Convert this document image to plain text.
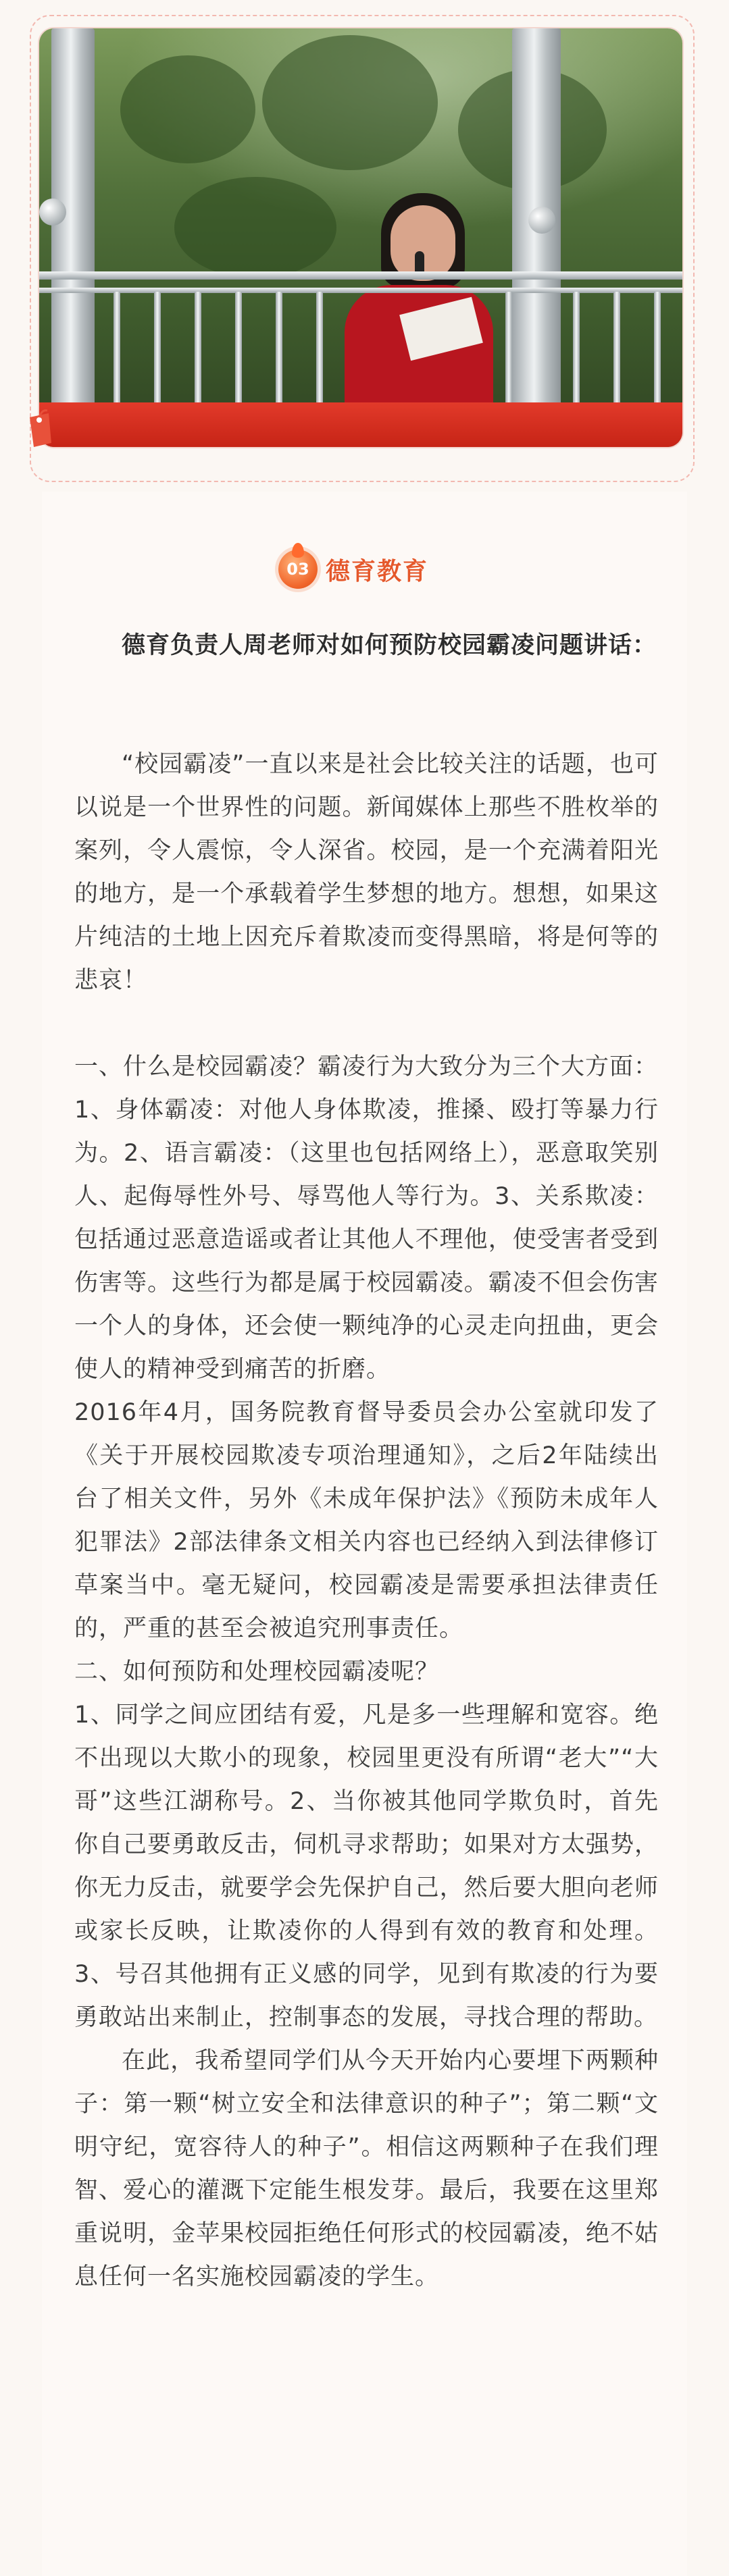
03 德育教育
德育负责人周老师对如何预防校园霸凌问题讲话：

“校园霸凌”一直以来是社会比较关注的话题，也可以说是一个世界性的问题。新闻媒体上那些不胜枚举的案列，令人震惊，令人深省。校园，是一个充满着阳光的地方，是一个承载着学生梦想的地方。想想，如果这片纯洁的土地上因充斥着欺凌而变得黑暗，将是何等的悲哀！

一、什么是校园霸凌？霸凌行为大致分为三个大方面：

1、身体霸凌：对他人身体欺凌，推搡、殴打等暴力行为。2、语言霸凌：（这里也包括网络上），恶意取笑别人、起侮辱性外号、辱骂他人等行为。3、关系欺凌：包括通过恶意造谣或者让其他人不理他，使受害者受到伤害等。这些行为都是属于校园霸凌。霸凌不但会伤害一个人的身体，还会使一颗纯净的心灵走向扭曲，更会使人的精神受到痛苦的折磨。

2016年4月，国务院教育督导委员会办公室就印发了《关于开展校园欺凌专项治理通知》，之后2年陆续出台了相关文件，另外《未成年保护法》《预防未成年人犯罪法》2部法律条文相关内容也已经纳入到法律修订草案当中。毫无疑问，校园霸凌是需要承担法律责任的，严重的甚至会被追究刑事责任。

二、如何预防和处理校园霸凌呢？

1、同学之间应团结有爱，凡是多一些理解和宽容。绝不出现以大欺小的现象，校园里更没有所谓“老大”“大哥”这些江湖称号。2、当你被其他同学欺负时，首先你自己要勇敢反击，伺机寻求帮助；如果对方太强势，你无力反击，就要学会先保护自己，然后要大胆向老师或家长反映，让欺凌你的人得到有效的教育和处理。3、号召其他拥有正义感的同学，见到有欺凌的行为要勇敢站出来制止，控制事态的发展，寻找合理的帮助。

在此，我希望同学们从今天开始内心要埋下两颗种子：第一颗“树立安全和法律意识的种子”；第二颗“文明守纪，宽容待人的种子”。相信这两颗种子在我们理智、爱心的灌溉下定能生根发芽。最后，我要在这里郑重说明，金苹果校园拒绝任何形式的校园霸凌，绝不姑息任何一名实施校园霸凌的学生。
